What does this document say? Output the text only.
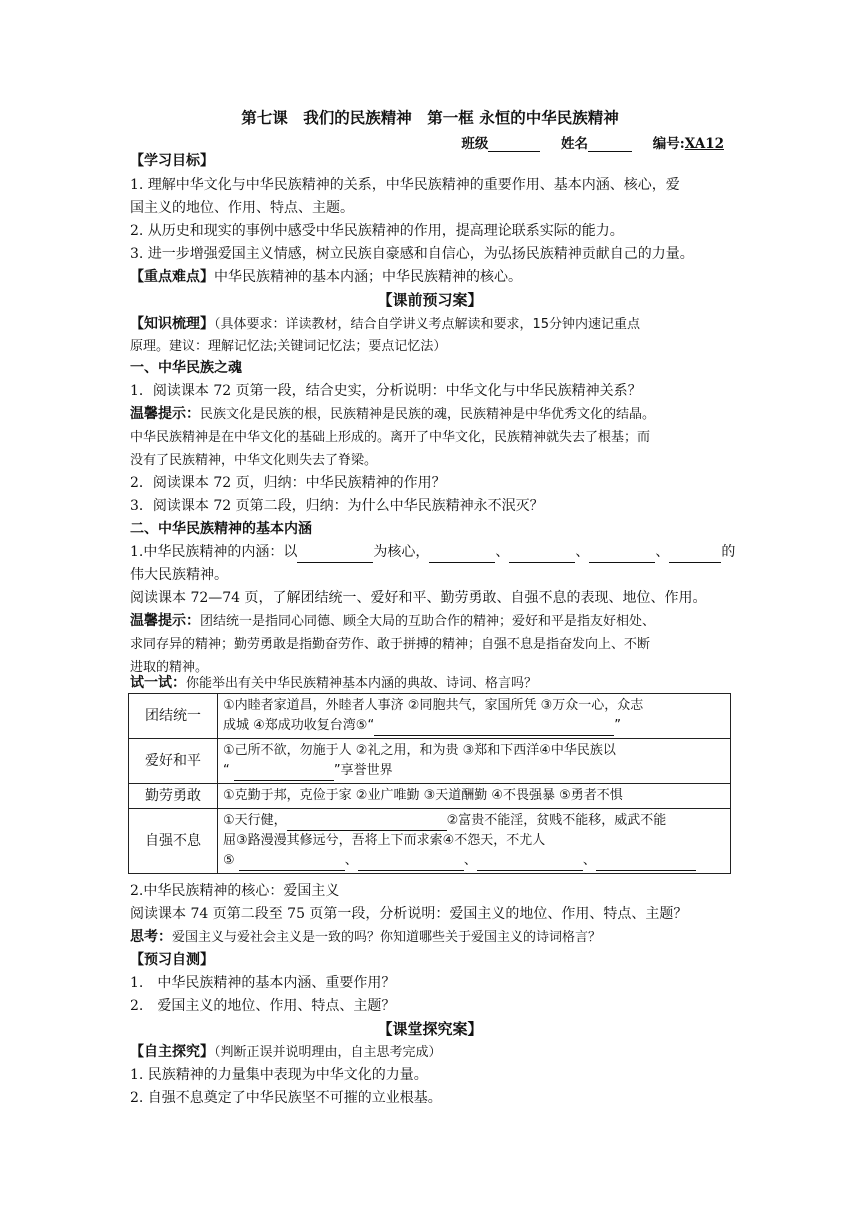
第七课　我们的民族精神　第一框 永恒的中华民族精神
班级	姓名	编号:XA12
【学习目标】
1. 理解中华文化与中华民族精神的关系，中华民族精神的重要作用、基本内涵、核心，爱
国主义的地位、作用、特点、主题。
2. 从历史和现实的事例中感受中华民族精神的作用，提高理论联系实际的能力。
3. 进一步增强爱国主义情感，树立民族自豪感和自信心，为弘扬民族精神贡献自己的力量。
【重点难点】中华民族精神的基本内涵；中华民族精神的核心。
【课前预习案】
【知识梳理】（具体要求：详读教材，结合自学讲义考点解读和要求，15分钟内速记重点
原理。建议：理解记忆法;关键词记忆法；要点记忆法）
一、中华民族之魂
1．阅读课本 72 页第一段，结合史实，分析说明：中华文化与中华民族精神关系？
温馨提示：民族文化是民族的根，民族精神是民族的魂，民族精神是中华优秀文化的结晶。
中华民族精神是在中华文化的基础上形成的。离开了中华文化，民族精神就失去了根基；而
没有了民族精神，中华文化则失去了脊梁。
2．阅读课本 72 页，归纳：中华民族精神的作用？
3．阅读课本 72 页第二段，归纳：为什么中华民族精神永不泯灭？
二、中华民族精神的基本内涵
1.中华民族精神的内涵：以	为核心，	、	、	、	的
伟大民族精神。
阅读课本 72—74 页，了解团结统一、爱好和平、勤劳勇敢、自强不息的表现、地位、作用。
温馨提示：团结统一是指同心同德、顾全大局的互助合作的精神；爱好和平是指友好相处、
求同存异的精神；勤劳勇敢是指勤奋劳作、敢于拼搏的精神；自强不息是指奋发向上、不断
进取的精神。
试一试：你能举出有关中华民族精神基本内涵的典故、诗词、格言吗？
团结统一	①内睦者家道昌，外睦者人事济 ②同胞共气，家国所凭 ③万众一心，众志
成城 ④郑成功收复台湾⑤“ ”

爱好和平	①己所不欲，勿施于人 ②礼之用，和为贵 ③郑和下西洋④中华民族以
“ ”享誉世界

勤劳勇敢	①克勤于邦，克俭于家 ②业广唯勤 ③天道酬勤 ④不畏强暴 ⑤勇者不惧
自强不息	①天行健， ②富贵不能淫，贫贱不能移，威武不能
屈③路漫漫其修远兮，吾将上下而求索④不怨天，不尤人
⑤ 、 、 、
2.中华民族精神的核心：爱国主义
阅读课本 74 页第二段至 75 页第一段，分析说明：爱国主义的地位、作用、特点、主题？
思考：爱国主义与爱社会主义是一致的吗？你知道哪些关于爱国主义的诗词格言？
【预习自测】
1.　中华民族精神的基本内涵、重要作用？
2.　爱国主义的地位、作用、特点、主题？
【课堂探究案】
【自主探究】（判断正误并说明理由，自主思考完成）
1. 民族精神的力量集中表现为中华文化的力量。
2. 自强不息奠定了中华民族坚不可摧的立业根基。
